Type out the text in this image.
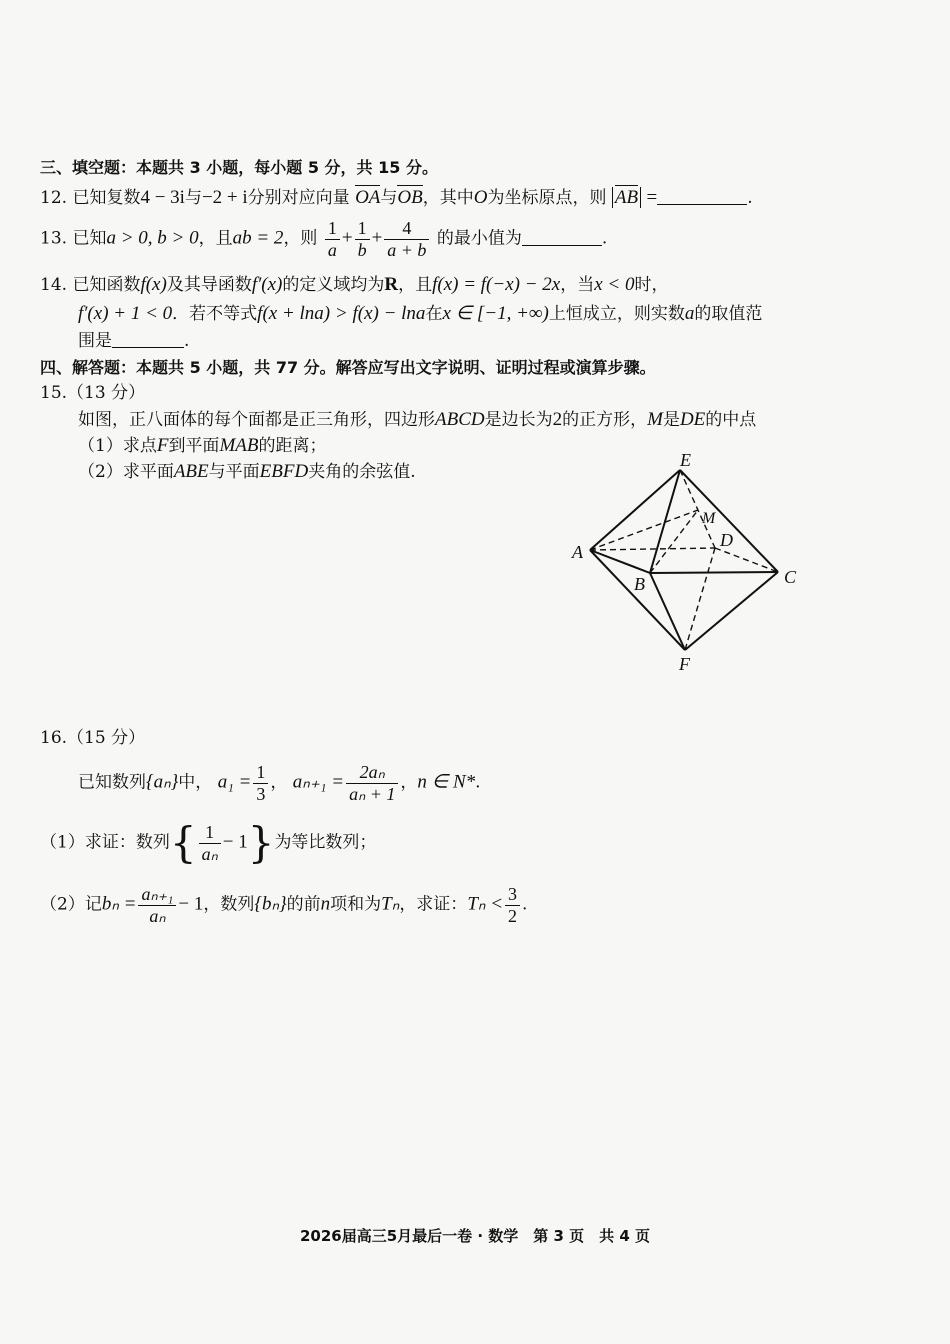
三、填空题：本题共 3 小题，每小题 5 分，共 15 分。
12. 已知复数4 − 3i与−2 + i分别对应向量 OA与OB，其中O为坐标原点，则 AB =	.
13. 已知a > 0, b > 0，且ab = 2，则 $\frac{1}{a} + \frac{1}{b} + \frac{4}{a + b}$ 的最小值为	.
14. 已知函数f(x)及其导函数f′(x)的定义域均为R，且f(x) = f(−x) − 2x，当x < 0时，
f′(x) + 1 < 0．若不等式f(x + lna) > f(x) − lna在x ∈ [−1, +∞)上恒成立，则实数a的取值范
围是	.
四、解答题：本题共 5 小题，共 77 分。解答应写出文字说明、证明过程或演算步骤。
15.（13 分）
如图，正八面体的每个面都是正三角形，四边形ABCD是边长为2的正方形，M是DE的中点
（1）求点F到平面MAB的距离；
（2）求平面ABE与平面EBFD夹角的余弦值.
E
M
D
A
B	C
F
16.（15 分）
已知数列{aₙ}中， $a_1 = \frac{1}{3}$ ， $a_{n+1} = \frac{\text{2aₙ}}{\text{aₙ + 1}}$ ，n ∈ N*.
（1）求证：数列{ $\frac{1}{\text{aₙ}} - 1$}为等比数列；
（2）记$b_n = \frac{\text{aₙ₊₁}}{\text{aₙ}} - 1$，数列{bₙ}的前n项和为Tₙ，求证：$T_n < \frac{3}{2}$ .
2026届高三5月最后一卷 · 数学　第 3 页　共 4 页
